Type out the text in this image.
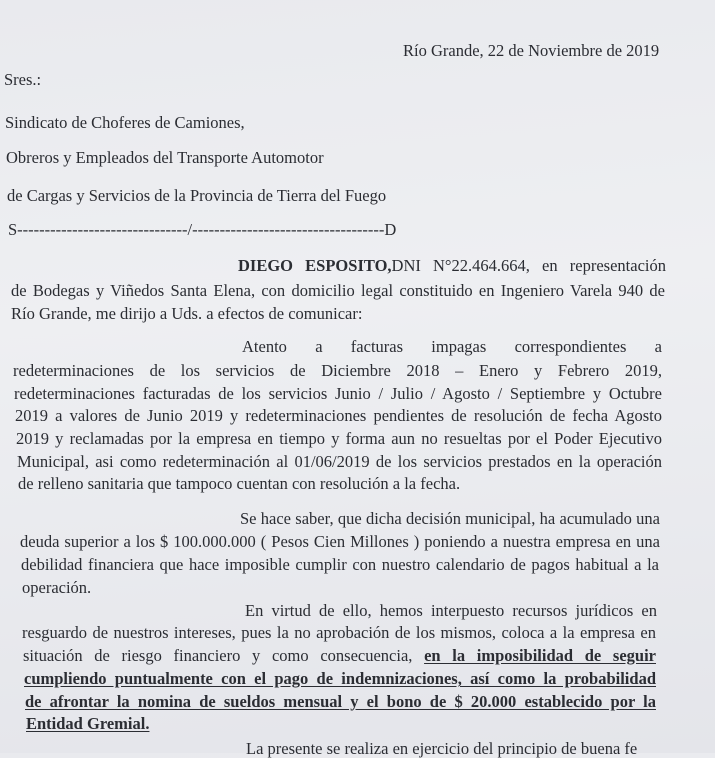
Río Grande, 22 de Noviembre de 2019
Sres.:
Sindicato de Choferes de Camiones,
Obreros y Empleados del Transporte Automotor
de Cargas y Servicios de la Provincia de Tierra del Fuego
S-------------------------------/-----------------------------------D
DIEGO ESPOSITO,DNI N°22.464.664, en representación
de Bodegas y Viñedos Santa Elena, con domicilio legal constituido en Ingeniero Varela 940 de
Río Grande, me dirijo a Uds. a efectos de comunicar:
Atento a facturas impagas correspondientes a
redeterminaciones de los servicios de Diciembre 2018 – Enero y Febrero 2019,
redeterminaciones facturadas de los servicios Junio / Julio / Agosto / Septiembre y Octubre
2019 a valores de Junio 2019 y redeterminaciones pendientes de resolución de fecha Agosto
2019 y reclamadas por la empresa en tiempo y forma aun no resueltas por el Poder Ejecutivo
Municipal, asi como redeterminación al 01/06/2019 de los servicios prestados en la operación
de relleno sanitaria que tampoco cuentan con resolución a la fecha.
Se hace saber, que dicha decisión municipal, ha acumulado una
deuda superior a los $ 100.000.000 ( Pesos Cien Millones ) poniendo a nuestra empresa en una
debilidad financiera que hace imposible cumplir con nuestro calendario de pagos habitual a la
operación.
En virtud de ello, hemos interpuesto recursos jurídicos en
resguardo de nuestros intereses, pues la no aprobación de los mismos, coloca a la empresa en
situación de riesgo financiero y como consecuencia, en la imposibilidad de seguir
cumpliendo puntualmente con el pago de indemnizaciones, así como la probabilidad
de afrontar la nomina de sueldos mensual y el bono de $ 20.000 establecido por la
Entidad Gremial.
La presente se realiza en ejercicio del principio de buena fe
